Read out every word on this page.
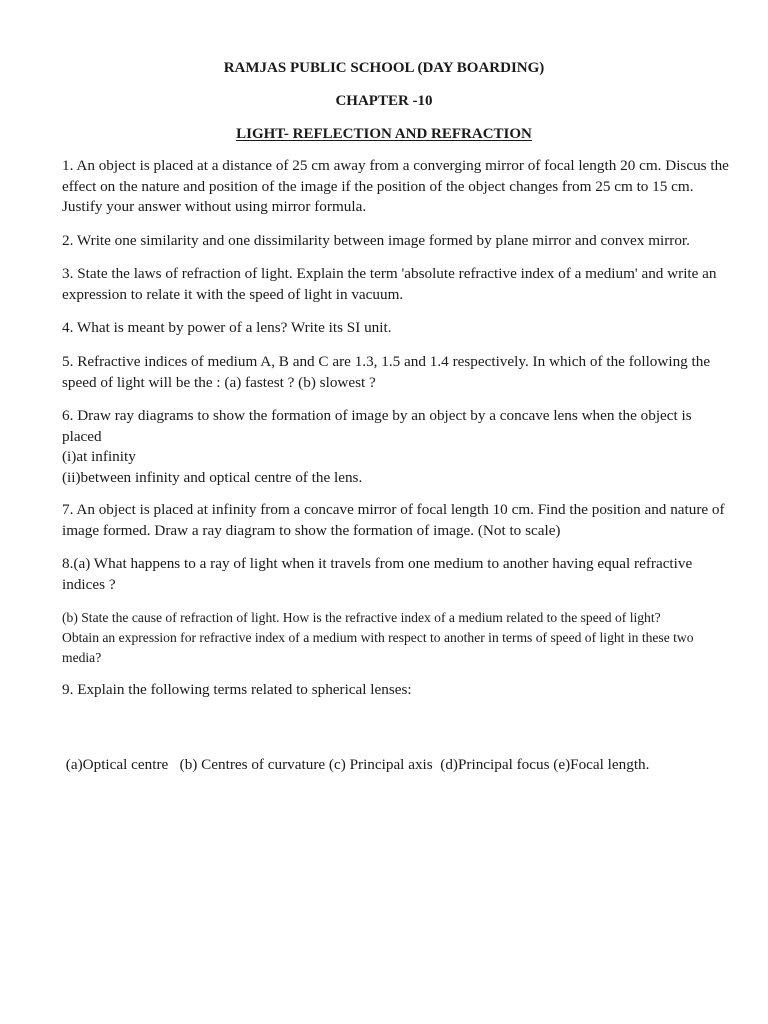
RAMJAS PUBLIC SCHOOL (DAY BOARDING)
CHAPTER -10
LIGHT- REFLECTION AND REFRACTION
1. An object is placed at a distance of 25 cm away from a converging mirror of focal length 20 cm. Discus the
effect on the nature and position of the image if the position of the object changes from 25 cm to 15 cm.
Justify your answer without using mirror formula.
2. Write one similarity and one dissimilarity between image formed by plane mirror and convex mirror.
3. State the laws of refraction of light. Explain the term 'absolute refractive index of a medium' and write an
expression to relate it with the speed of light in vacuum.
4. What is meant by power of a lens? Write its SI unit.
5. Refractive indices of medium A, B and C are 1.3, 1.5 and 1.4 respectively. In which of the following the
speed of light will be the : (a) fastest ? (b) slowest ?
6. Draw ray diagrams to show the formation of image by an object by a concave lens when the object is
placed
(i)at infinity
(ii)between infinity and optical centre of the lens.
7. An object is placed at infinity from a concave mirror of focal length 10 cm. Find the position and nature of
image formed. Draw a ray diagram to show the formation of image. (Not to scale)
8.(a) What happens to a ray of light when it travels from one medium to another having equal refractive
indices ?
(b) State the cause of refraction of light. How is the refractive index of a medium related to the speed of light?
Obtain an expression for refractive index of a medium with respect to another in terms of speed of light in these two
media?
9. Explain the following terms related to spherical lenses:

(a)Optical centre   (b) Centres of curvature (c) Principal axis  (d)Principal focus (e)Focal length.
